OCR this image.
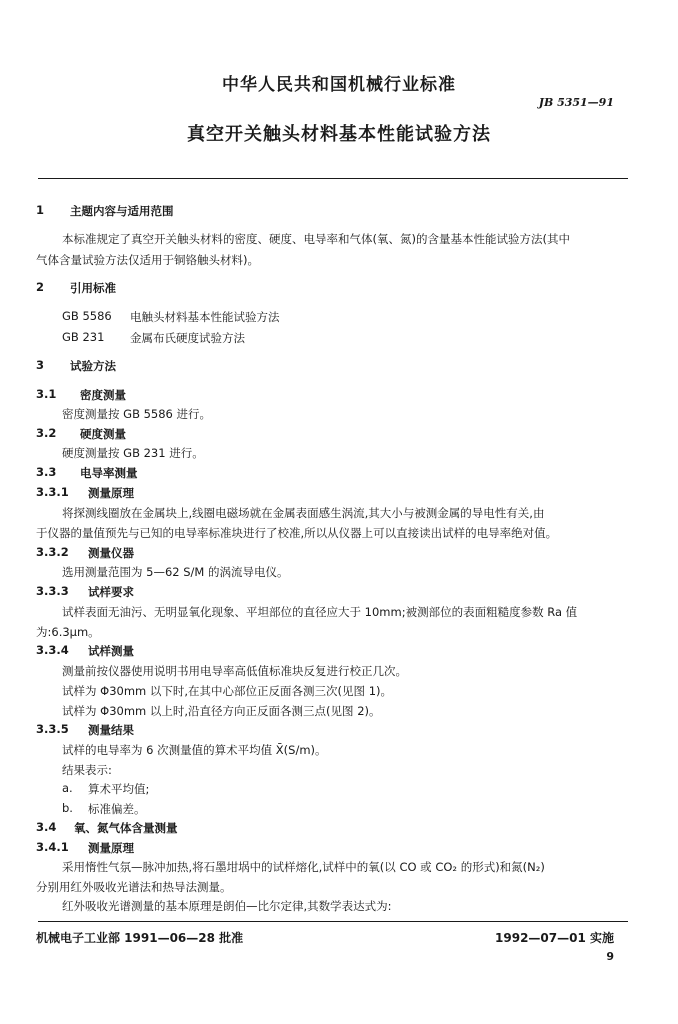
中华人民共和国机械行业标准
JB 5351—91
真空开关触头材料基本性能试验方法
1 主题内容与适用范围
本标准规定了真空开关触头材料的密度、硬度、电导率和气体(氧、氮)的含量基本性能试验方法(其中
气体含量试验方法仅适用于铜铬触头材料)。
2 引用标准
GB 5586 电触头材料基本性能试验方法
GB 231 金属布氏硬度试验方法
3 试验方法
3.1 密度测量
密度测量按 GB 5586 进行。
3.2 硬度测量
硬度测量按 GB 231 进行。
3.3 电导率测量
3.3.1 测量原理
将探测线圈放在金属块上,线圈电磁场就在金属表面感生涡流,其大小与被测金属的导电性有关,由
于仪器的量值预先与已知的电导率标准块进行了校准,所以从仪器上可以直接读出试样的电导率绝对值。
3.3.2 测量仪器
选用测量范围为 5—62 S/M 的涡流导电仪。
3.3.3 试样要求
试样表面无油污、无明显氧化现象、平坦部位的直径应大于 10mm;被测部位的表面粗糙度参数 Ra 值
为:6.3μm。
3.3.4 试样测量
测量前按仪器使用说明书用电导率高低值标准块反复进行校正几次。
试样为 Φ30mm 以下时,在其中心部位正反面各测三次(见图 1)。
试样为 Φ30mm 以上时,沿直径方向正反面各测三点(见图 2)。
3.3.5 测量结果
试样的电导率为 6 次测量值的算术平均值 X̄(S/m)。
结果表示:
a. 算术平均值;
b. 标准偏差。
3.4 氧、氮气体含量测量
3.4.1 测量原理
采用惰性气氛—脉冲加热,将石墨坩埚中的试样熔化,试样中的氧(以 CO 或 CO₂ 的形式)和氮(N₂)
分别用红外吸收光谱法和热导法测量。
红外吸收光谱测量的基本原理是朗伯—比尔定律,其数学表达式为:
机械电子工业部 1991—06—28 批准	1992—07—01 实施
9
